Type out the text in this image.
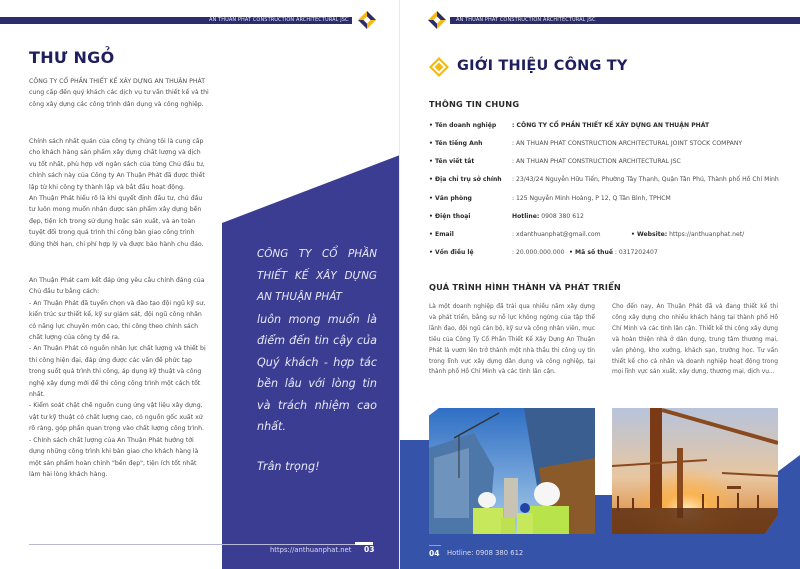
AN THUAN PHAT CONSTRUCTION ARCHITECTURAL JSC
THƯ NGỎ
CÔNG TY CỔ PHẦN THIẾT KẾ XÂY DỰNG AN THUẬN PHÁT cung cấp đến quý khách các dịch vụ tư vấn thiết kế và thi công xây dựng các công trình dân dụng và công nghiệp.

Chính sách nhất quán của công ty chúng tôi là cung cấp cho khách hàng sản phẩm xây dựng chất lượng và dịch vụ tốt nhất, phù hợp với ngân sách của từng Chủ đầu tư, chính sách này của Công ty An Thuận Phát đã được thiết lập từ khi công ty thành lập và bắt đầu hoạt động.

An Thuận Phát hiểu rõ là khi quyết định đầu tư, chủ đầu tư luôn mong muốn nhận được sản phẩm xây dựng bền đẹp, tiện ích trong sử dụng hoặc sản xuất, và an toàn tuyệt đối trong quá trình thi công bàn giao công trình đúng thời hạn, chi phí hợp lý và được bảo hành chu đáo.

An Thuận Phát cam kết đáp ứng yêu cầu chính đáng của Chủ đầu tư bằng cách:

- An Thuận Phát đã tuyển chọn và đào tạo đội ngũ kỹ sư, kiến trúc sư thiết kế, kỹ sư giám sát, đội ngũ công nhân có năng lực chuyên môn cao, thi công theo chính sách chất lượng của công ty đề ra.

- An Thuận Phát có nguồn nhân lực chất lượng và thiết bị thi công hiện đại, đáp ứng được các vấn đề phức tạp trong suốt quá trình thi công, áp dụng kỹ thuật và công nghệ xây dựng mới để thi công công trình một cách tốt nhất.

- Kiểm soát chặt chẽ nguồn cung ứng vật liệu xây dựng, vật tư kỹ thuật có chất lượng cao, có nguồn gốc xuất xứ rõ ràng, góp phần quan trọng vào chất lượng công trình.

- Chính sách chất lượng của An Thuận Phát hướng tới dựng những công trình khi bàn giao cho khách hàng là một sản phẩm hoàn chỉnh "bền đẹp", tiện ích tốt nhất làm hài lòng khách hàng.

CÔNG TY CỔ PHẦN THIẾT KẾ XÂY DỰNG AN THUẬN PHÁT
luôn mong muốn là điểm đến tin cậy của Quý khách - hợp tác bền lâu với lòng tin và trách nhiệm cao nhất.
Trân trọng!
https://anthuanphat.net 03
AN THUAN PHAT CONSTRUCTION ARCHITECTURAL JSC
GIỚI THIỆU CÔNG TY
THÔNG TIN CHUNG
• Tên doanh nghiệp	: CÔNG TY CỔ PHẦN THIẾT KẾ XÂY DỰNG AN THUẬN PHÁT
• Tên tiếng Anh	: AN THUAN PHAT CONSTRUCTION ARCHITECTURAL JOINT STOCK COMPANY
• Tên viết tắt	: AN THUAN PHAT CONSTRUCTION ARCHITECTURAL JSC
• Địa chỉ trụ sở chính : 23/43/24 Nguyễn Hữu Tiến, Phường Tây Thạnh, Quận Tân Phú, Thành phố Hồ Chí Minh
• Văn phòng	: 125 Nguyễn Minh Hoàng, P 12, Q Tân Bình, TPHCM
• Điện thoại	Hotline: 0908 380 612
• Email	: xdanthuanphat@gmail.com	• Website: https://anthuanphat.net/
• Vốn điều lệ	: 20.000.000.000 • Mã số thuế : 0317202407
QUÁ TRÌNH HÌNH THÀNH VÀ PHÁT TRIỂN
Là một doanh nghiệp đã trải qua nhiều năm xây dựng và phát triển, bằng sự nỗ lực không ngừng của tập thể lãnh đạo, đội ngũ cán bộ, kỹ sư và công nhân viên, mục tiêu của Công Ty Cổ Phần Thiết Kế Xây Dựng An Thuận Phát là vươn lên trở thành một nhà thầu thi công uy tín trong lĩnh vực xây dựng dân dụng và công nghiệp, tại thành phố Hồ Chí Minh và các tỉnh lân cận.
Cho đến nay, An Thuận Phát đã và đang thiết kế thi công xây dựng cho nhiều khách hàng tại thành phố Hồ Chí Minh và các tỉnh lân cận. Thiết kế thi công xây dựng và hoàn thiện nhà ở dân dụng, trung tâm thương mại, văn phòng, kho xưởng, khách sạn, trường học. Tư vấn thiết kế cho cá nhân và doanh nghiệp hoạt động trong mọi lĩnh vực sản xuất, xây dựng, thương mại, dịch vụ...
04 Hotline: 0908 380 612
